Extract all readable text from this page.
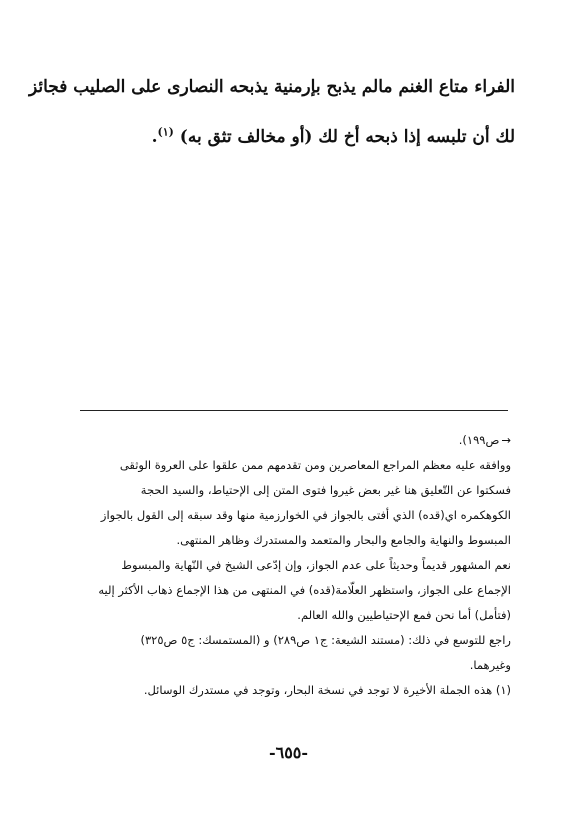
الفراء متاع الغنم مالم يذبح بإرمنية يذبحه النصارى على الصليب فجائز
لك أن تلبسه إذا ذبحه أخ لك (أو مخالف تثق به) $^{(١)}$.

→ص١٩٩).
ووافقه عليه معظم المراجع المعاصرين ومن تقدمهم ممن علقوا على العروة الوثقى
فسكتوا عن التّعليق هنا غير بعض غيروا فتوى المتن إلى الإحتياط، والسيد الحجة
الكوهكمره اي(قده) الذي أفتى بالجواز في الخوارزمية منها وقد سبقه إلى القول بالجواز
المبسوط والنهاية والجامع والبحار والمتعمد والمستدرك وظاهر المنتهى.
نعم المشهور قديماً وحديثاً على عدم الجواز، وإن إدّعى الشيخ في النّهاية والمبسوط
الإجماع على الجواز، واستظهر العلّامة(قده) في المنتهى من هذا الإجماع ذهاب الأكثر إليه
(فتأمل) أما نحن فمع الإحتياطيين والله العالم.
راجع للتوسع في ذلك: (مستند الشيعة: ج١ ص٢٨٩) و (المستمسك: ج٥ ص٣٢٥)
وغيرهما.
(١) هذه الجملة الأخيرة لا توجد في نسخة البحار، وتوجد في مستدرك الوسائل.
-٦٥٥-
